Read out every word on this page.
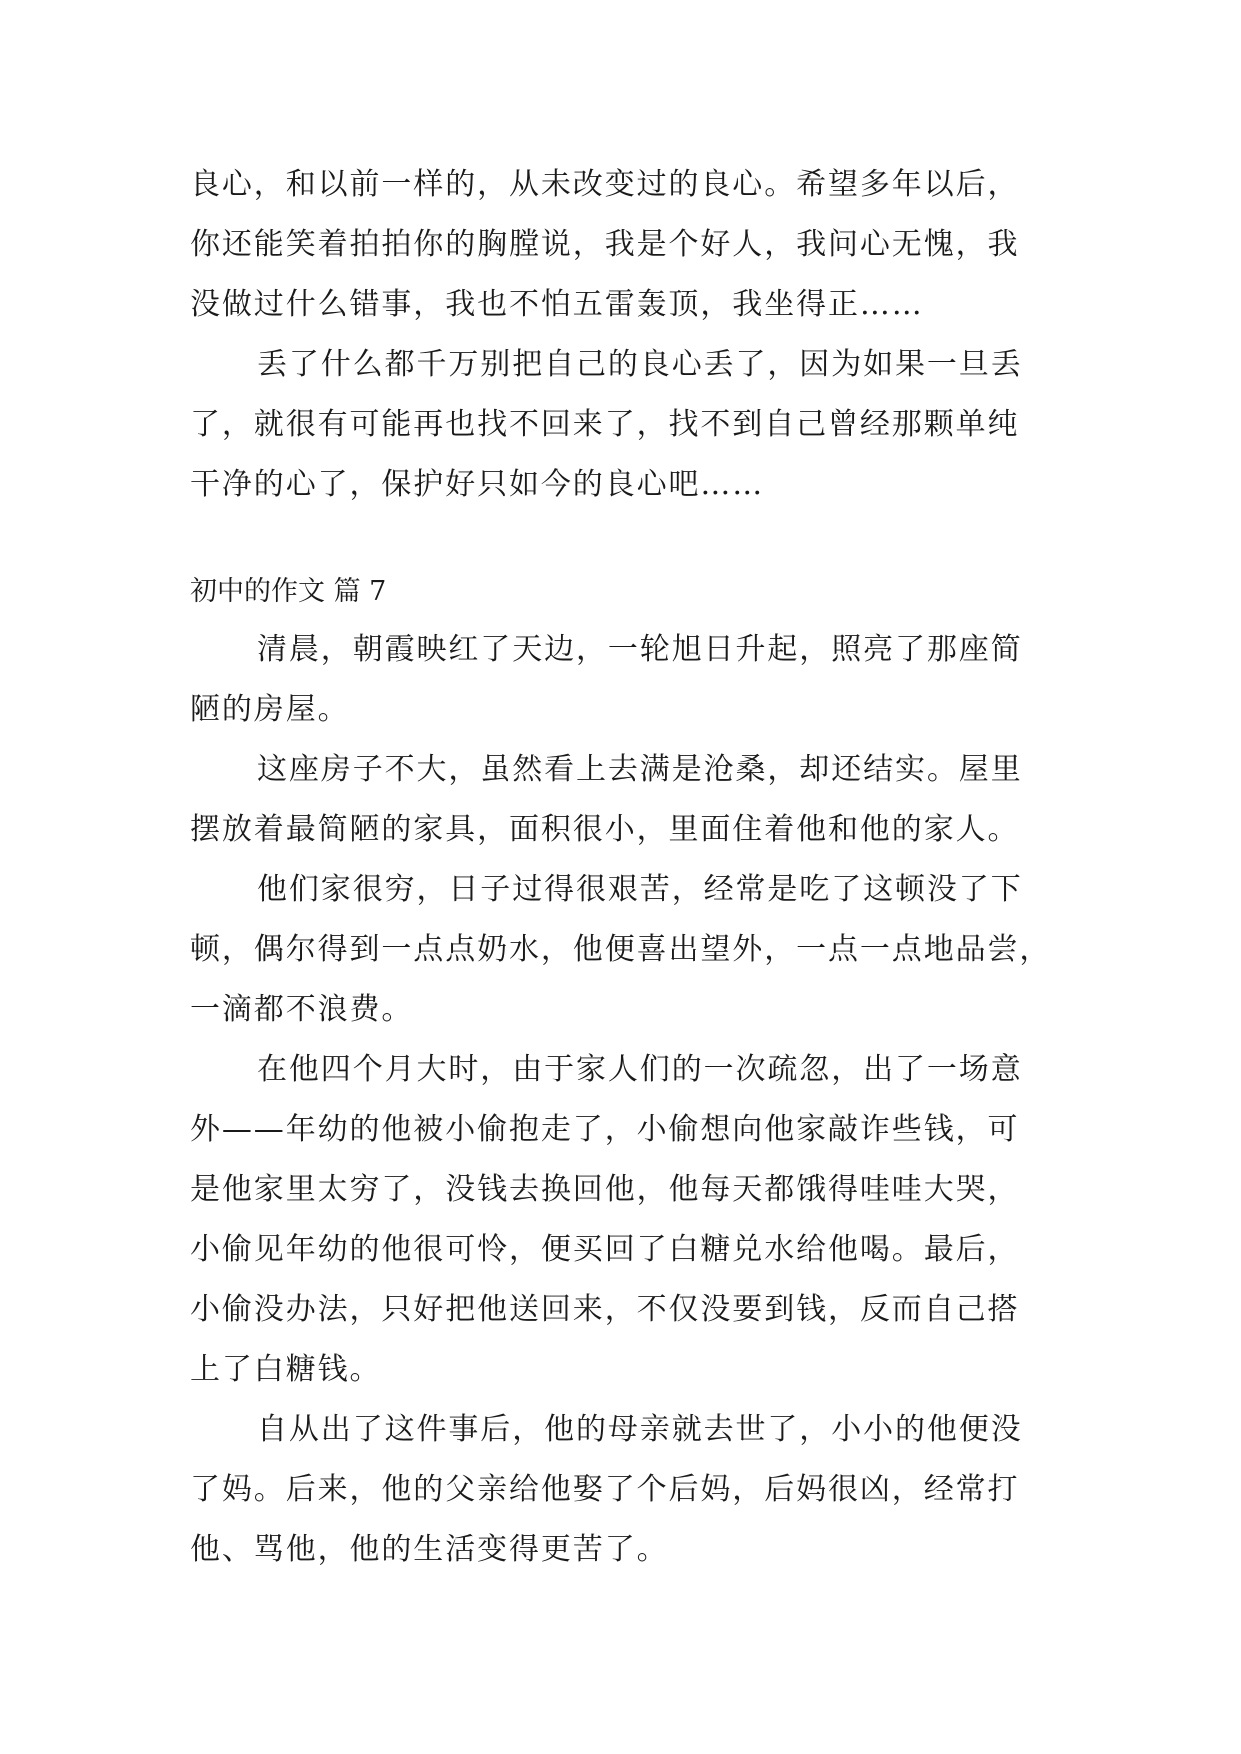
良心，和以前一样的，从未改变过的良心。希望多年以后，
你还能笑着拍拍你的胸膛说，我是个好人，我问心无愧，我
没做过什么错事，我也不怕五雷轰顶，我坐得正……
丢了什么都千万别把自己的良心丢了，因为如果一旦丢
了，就很有可能再也找不回来了，找不到自己曾经那颗单纯
干净的心了，保护好只如今的良心吧……
初中的作文 篇 7
清晨，朝霞映红了天边，一轮旭日升起，照亮了那座简
陋的房屋。
这座房子不大，虽然看上去满是沧桑，却还结实。屋里
摆放着最简陋的家具，面积很小，里面住着他和他的家人。
他们家很穷，日子过得很艰苦，经常是吃了这顿没了下
顿，偶尔得到一点点奶水，他便喜出望外，一点一点地品尝，
一滴都不浪费。
在他四个月大时，由于家人们的一次疏忽，出了一场意
外——年幼的他被小偷抱走了，小偷想向他家敲诈些钱，可
是他家里太穷了，没钱去换回他，他每天都饿得哇哇大哭，
小偷见年幼的他很可怜，便买回了白糖兑水给他喝。最后，
小偷没办法，只好把他送回来，不仅没要到钱，反而自己搭
上了白糖钱。
自从出了这件事后，他的母亲就去世了，小小的他便没
了妈。后来，他的父亲给他娶了个后妈，后妈很凶，经常打
他、骂他，他的生活变得更苦了。
